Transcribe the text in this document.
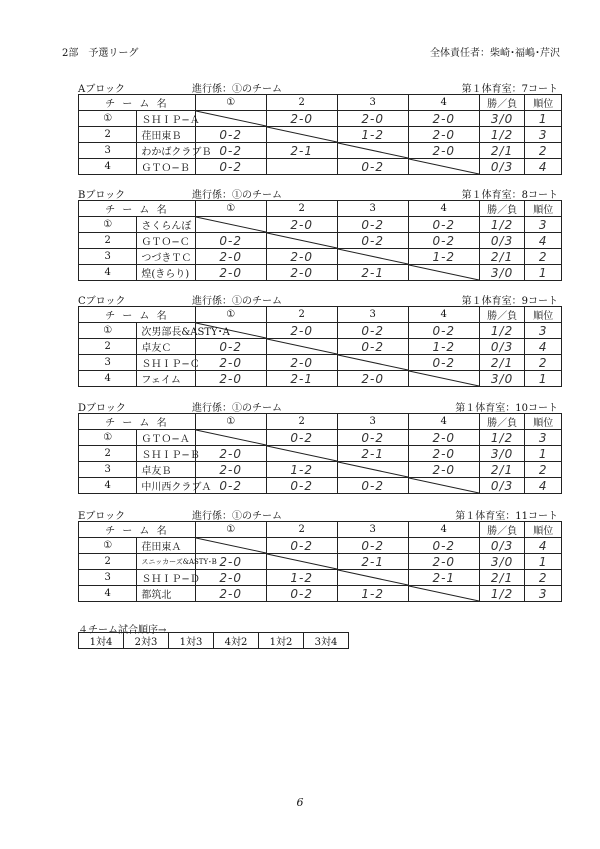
2部　予選リーグ	全体責任者：柴崎･福嶋･芹沢
Aブロック	進行係：①のチーム	第１体育室：7コート
チ ー ム 名		①	2	3	4	勝／負	順位
①	ＳＨＩＰ−Ａ		2-0	2-0	2-0	3/0	1
2	荏田東Ｂ	0-2		1-2	2-0	1/2	3
3	わかばクラブＢ	0-2	2-1		2-0	2/1	2
4	ＧＴＯ−Ｂ	0-2		0-2		0/3	4
Bブロック	進行係：①のチーム	第１体育室：8コート
チ ー ム 名		①	2	3	4	勝／負	順位
①	さくらんぼ		2-0	0-2	0-2	1/2	3
2	ＧＴＯ−Ｃ	0-2		0-2	0-2	0/3	4
3	つづきＴＣ	2-0	2-0		1-2	2/1	2
4	煌(きらり)	2-0	2-0	2-1		3/0	1
Cブロック	進行係：①のチーム	第１体育室：9コート
チ ー ム 名		①	2	3	4	勝／負	順位
①	次男部長&ASTY･A		2-0	0-2	0-2	1/2	3
2	卓友Ｃ	0-2		0-2	1-2	0/3	4
3	ＳＨＩＰ−Ｃ	2-0	2-0		0-2	2/1	2
4	フェイム	2-0	2-1	2-0		3/0	1
Dブロック	進行係：①のチーム	第１体育室：10コート
チ ー ム 名		①	2	3	4	勝／負	順位
①	ＧＴＯ−Ａ		0-2	0-2	2-0	1/2	3
2	ＳＨＩＰ−Ｂ	2-0		2-1	2-0	3/0	1
3	卓友Ｂ	2-0	1-2		2-0	2/1	2
4	中川西クラブＡ	0-2	0-2	0-2		0/3	4
Eブロック	進行係：①のチーム	第１体育室：11コート
チ ー ム 名		①	2	3	4	勝／負	順位
①	荏田東Ａ		0-2	0-2	0-2	0/3	4
2	スニッカーズ&ASTY･B	2-0		2-1	2-0	3/0	1
3	ＳＨＩＰ−Ｄ	2-0	1-2		2-1	2/1	2
4	都筑北	2-0	0-2	1-2		1/2	3
４チーム試合順序→
1対4	2対3	1対3	4対2	1対2	3対4
6
